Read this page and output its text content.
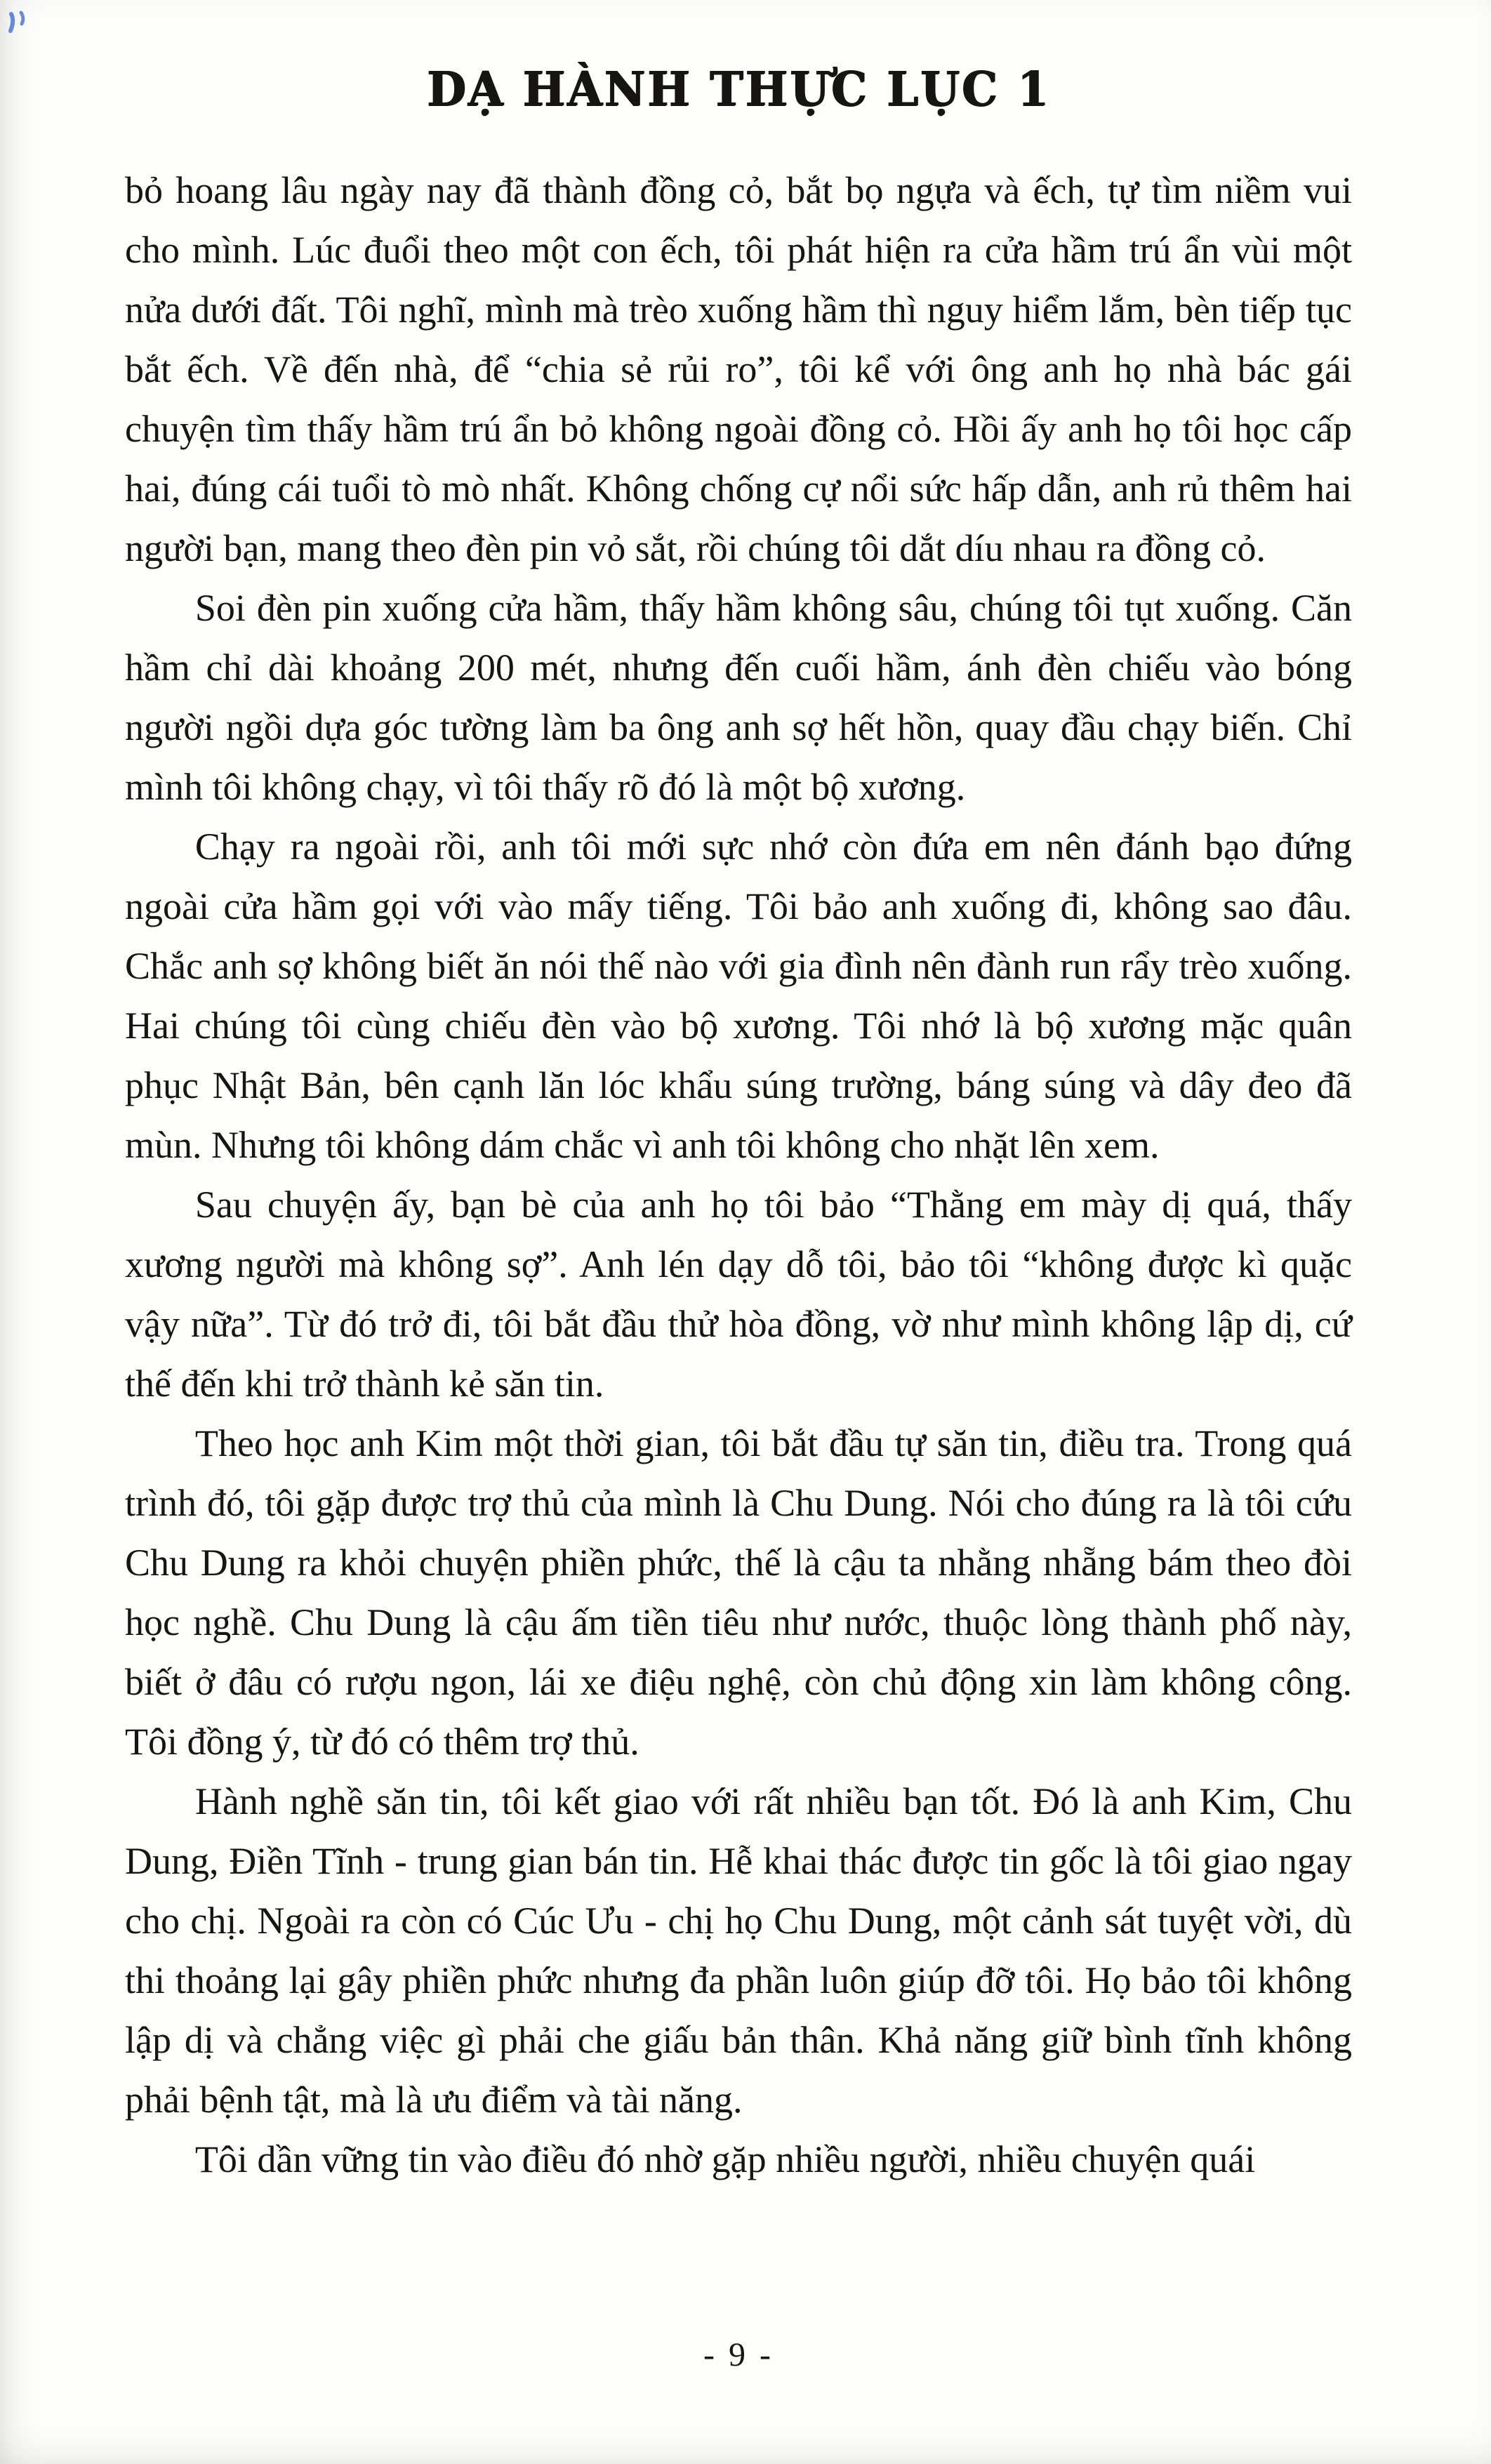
DẠ HÀNH THỰC LỤC 1

bỏ hoang lâu ngày nay đã thành đồng cỏ, bắt bọ ngựa và ếch, tự tìm niềm vui cho mình. Lúc đuổi theo một con ếch, tôi phát hiện ra cửa hầm trú ẩn vùi một nửa dưới đất. Tôi nghĩ, mình mà trèo xuống hầm thì nguy hiểm lắm, bèn tiếp tục bắt ếch. Về đến nhà, để “chia sẻ rủi ro”, tôi kể với ông anh họ nhà bác gái chuyện tìm thấy hầm trú ẩn bỏ không ngoài đồng cỏ. Hồi ấy anh họ tôi học cấp hai, đúng cái tuổi tò mò nhất. Không chống cự nổi sức hấp dẫn, anh rủ thêm hai người bạn, mang theo đèn pin vỏ sắt, rồi chúng tôi dắt díu nhau ra đồng cỏ.

Soi đèn pin xuống cửa hầm, thấy hầm không sâu, chúng tôi tụt xuống. Căn hầm chỉ dài khoảng 200 mét, nhưng đến cuối hầm, ánh đèn chiếu vào bóng người ngồi dựa góc tường làm ba ông anh sợ hết hồn, quay đầu chạy biến. Chỉ mình tôi không chạy, vì tôi thấy rõ đó là một bộ xương.

Chạy ra ngoài rồi, anh tôi mới sực nhớ còn đứa em nên đánh bạo đứng ngoài cửa hầm gọi với vào mấy tiếng. Tôi bảo anh xuống đi, không sao đâu. Chắc anh sợ không biết ăn nói thế nào với gia đình nên đành run rẩy trèo xuống. Hai chúng tôi cùng chiếu đèn vào bộ xương. Tôi nhớ là bộ xương mặc quân phục Nhật Bản, bên cạnh lăn lóc khẩu súng trường, báng súng và dây đeo đã mùn. Nhưng tôi không dám chắc vì anh tôi không cho nhặt lên xem.

Sau chuyện ấy, bạn bè của anh họ tôi bảo “Thằng em mày dị quá, thấy xương người mà không sợ”. Anh lén dạy dỗ tôi, bảo tôi “không được kì quặc vậy nữa”. Từ đó trở đi, tôi bắt đầu thử hòa đồng, vờ như mình không lập dị, cứ thế đến khi trở thành kẻ săn tin.

Theo học anh Kim một thời gian, tôi bắt đầu tự săn tin, điều tra. Trong quá trình đó, tôi gặp được trợ thủ của mình là Chu Dung. Nói cho đúng ra là tôi cứu Chu Dung ra khỏi chuyện phiền phức, thế là cậu ta nhằng nhẵng bám theo đòi học nghề. Chu Dung là cậu ấm tiền tiêu như nước, thuộc lòng thành phố này, biết ở đâu có rượu ngon, lái xe điệu nghệ, còn chủ động xin làm không công. Tôi đồng ý, từ đó có thêm trợ thủ.

Hành nghề săn tin, tôi kết giao với rất nhiều bạn tốt. Đó là anh Kim, Chu Dung, Điền Tĩnh - trung gian bán tin. Hễ khai thác được tin gốc là tôi giao ngay cho chị. Ngoài ra còn có Cúc Ưu - chị họ Chu Dung, một cảnh sát tuyệt vời, dù thi thoảng lại gây phiền phức nhưng đa phần luôn giúp đỡ tôi. Họ bảo tôi không lập dị và chẳng việc gì phải che giấu bản thân. Khả năng giữ bình tĩnh không phải bệnh tật, mà là ưu điểm và tài năng.

Tôi dần vững tin vào điều đó nhờ gặp nhiều người, nhiều chuyện quái

- 9 -
